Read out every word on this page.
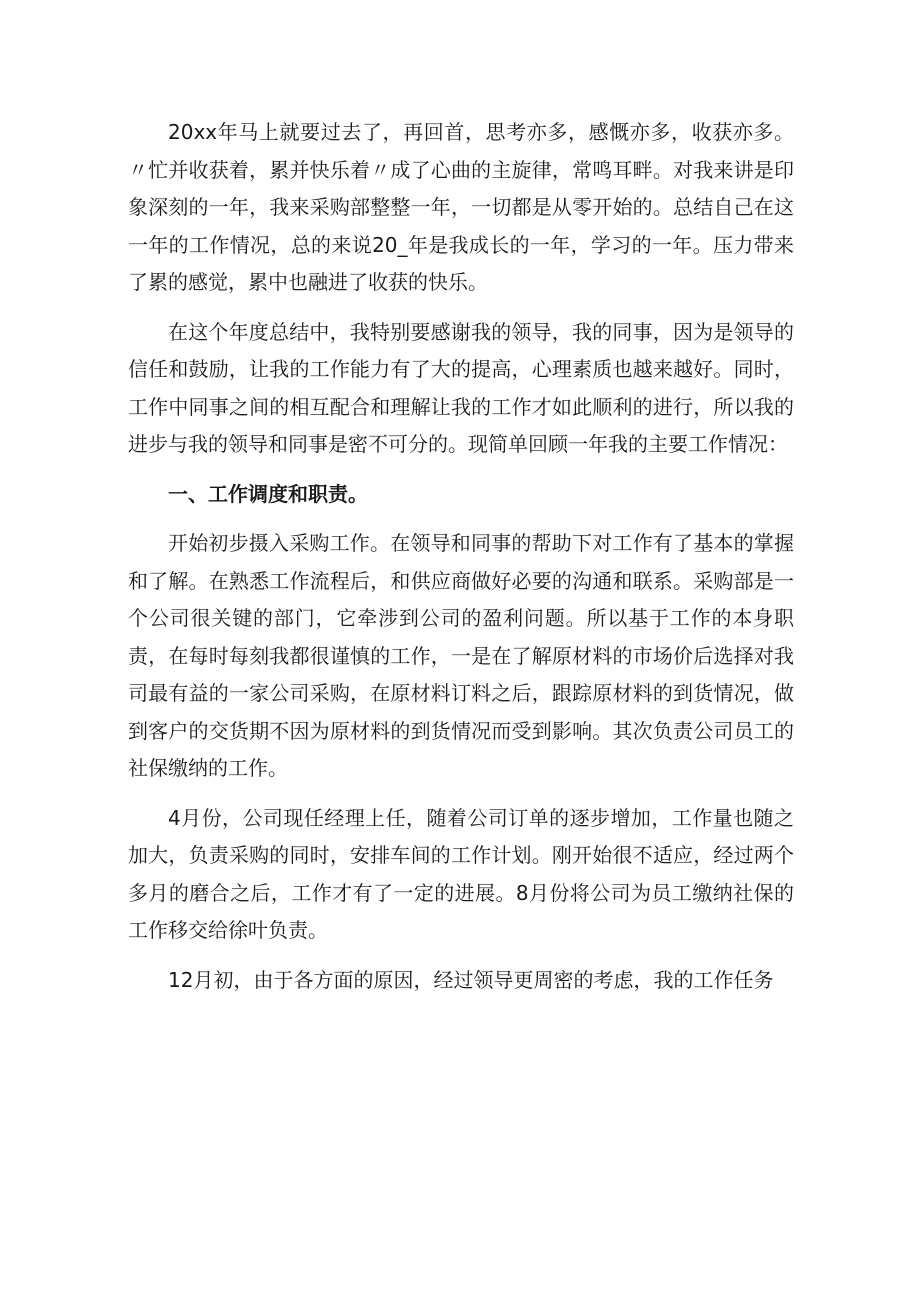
20xx年马上就要过去了，再回首，思考亦多，感慨亦多，收获亦多。〃忙并收获着，累并快乐着〃成了心曲的主旋律，常鸣耳畔。对我来讲是印象深刻的一年，我来采购部整整一年，一切都是从零开始的。总结自己在这一年的工作情况，总的来说20_年是我成长的一年，学习的一年。压力带来了累的感觉，累中也融进了收获的快乐。

在这个年度总结中，我特别要感谢我的领导，我的同事，因为是领导的信任和鼓励，让我的工作能力有了大的提高，心理素质也越来越好。同时，工作中同事之间的相互配合和理解让我的工作才如此顺利的进行，所以我的进步与我的领导和同事是密不可分的。现简单回顾一年我的主要工作情况：

一、工作调度和职责。

开始初步摄入采购工作。在领导和同事的帮助下对工作有了基本的掌握和了解。在熟悉工作流程后，和供应商做好必要的沟通和联系。采购部是一个公司很关键的部门，它牵涉到公司的盈利问题。所以基于工作的本身职责，在每时每刻我都很谨慎的工作，一是在了解原材料的市场价后选择对我司最有益的一家公司采购，在原材料订料之后，跟踪原材料的到货情况，做到客户的交货期不因为原材料的到货情况而受到影响。其次负责公司员工的社保缴纳的工作。

4月份，公司现任经理上任，随着公司订单的逐步增加，工作量也随之加大，负责采购的同时，安排车间的工作计划。刚开始很不适应，经过两个多月的磨合之后，工作才有了一定的进展。8月份将公司为员工缴纳社保的工作移交给徐叶负责。

12月初，由于各方面的原因，经过领导更周密的考虑，我的工作任务
